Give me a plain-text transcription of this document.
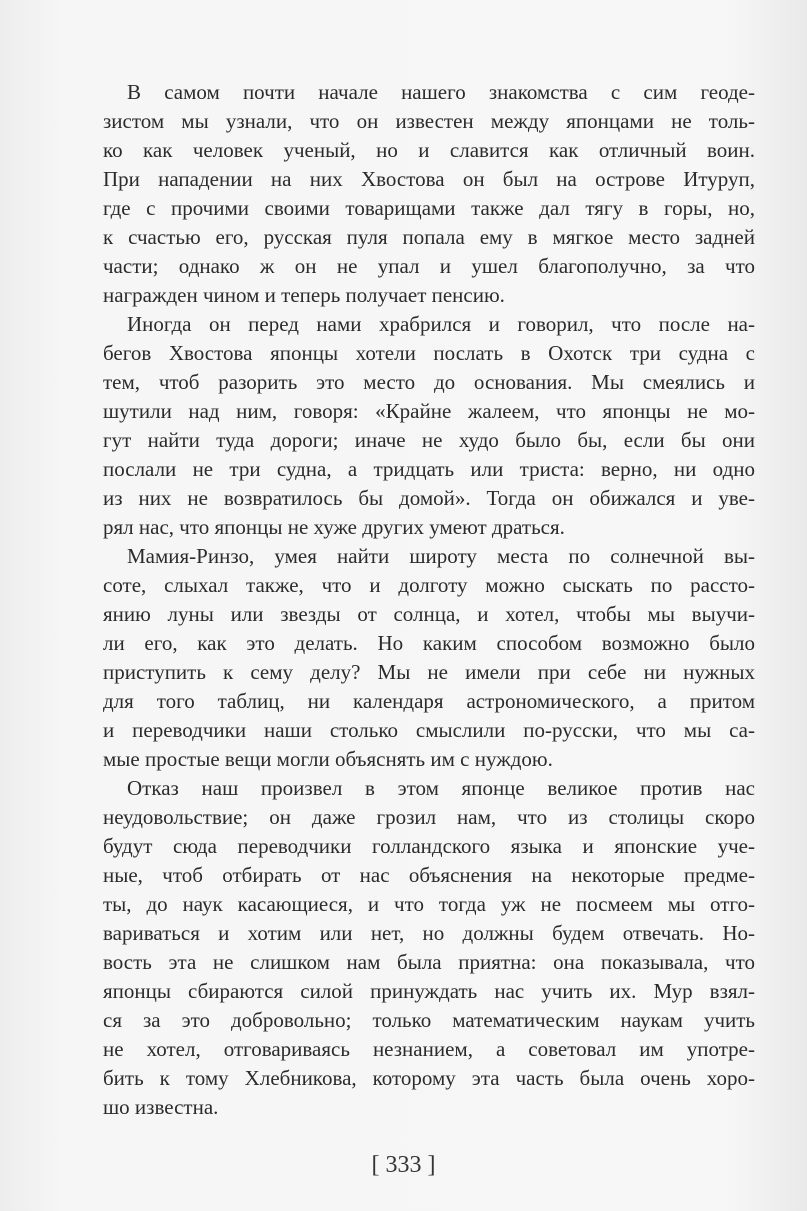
В самом почти начале нашего знакомства с сим геоде-
зистом мы узнали, что он известен между японцами не толь-
ко как человек ученый, но и славится как отличный воин.
При нападении на них Хвостова он был на острове Итуруп,
где с прочими своими товарищами также дал тягу в горы, но,
к счастью его, русская пуля попала ему в мягкое место задней
части; однако ж он не упал и ушел благополучно, за что
награжден чином и теперь получает пенсию.
Иногда он перед нами храбрился и говорил, что после на-
бегов Хвостова японцы хотели послать в Охотск три судна с
тем, чтоб разорить это место до основания. Мы смеялись и
шутили над ним, говоря: «Крайне жалеем, что японцы не мо-
гут найти туда дороги; иначе не худо было бы, если бы они
послали не три судна, а тридцать или триста: верно, ни одно
из них не возвратилось бы домой». Тогда он обижался и уве-
рял нас, что японцы не хуже других умеют драться.
Мамия-Ринзо, умея найти широту места по солнечной вы-
соте, слыхал также, что и долготу можно сыскать по рассто-
янию луны или звезды от солнца, и хотел, чтобы мы выучи-
ли его, как это делать. Но каким способом возможно было
приступить к сему делу? Мы не имели при себе ни нужных
для того таблиц, ни календаря астрономического, а притом
и переводчики наши столько смыслили по-русски, что мы са-
мые простые вещи могли объяснять им с нуждою.
Отказ наш произвел в этом японце великое против нас
неудовольствие; он даже грозил нам, что из столицы скоро
будут сюда переводчики голландского языка и японские уче-
ные, чтоб отбирать от нас объяснения на некоторые предме-
ты, до наук касающиеся, и что тогда уж не посмеем мы отго-
вариваться и хотим или нет, но должны будем отвечать. Но-
вость эта не слишком нам была приятна: она показывала, что
японцы сбираются силой принуждать нас учить их. Мур взял-
ся за это добровольно; только математическим наукам учить
не хотел, отговариваясь незнанием, а советовал им употре-
бить к тому Хлебникова, которому эта часть была очень хоро-
шо известна.
[ 333 ]
